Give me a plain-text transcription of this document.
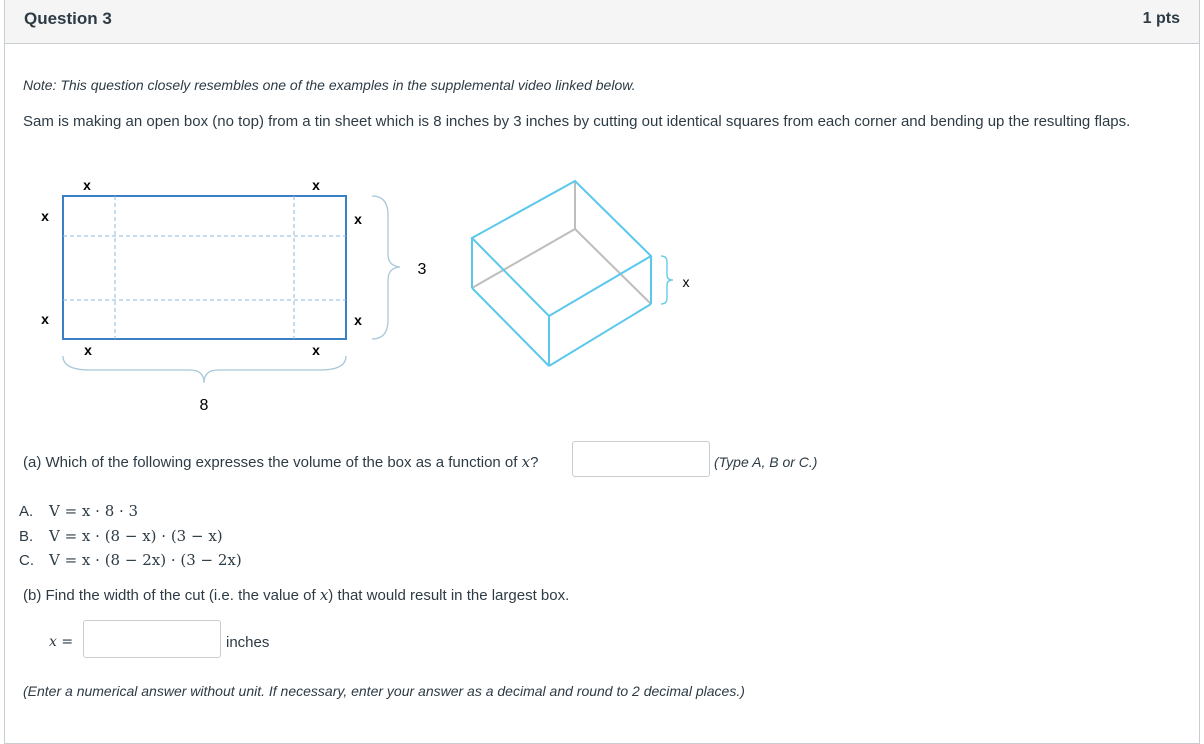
Question 3	1 pts
Note: This question closely resembles one of the examples in the supplemental video linked below.
Sam is making an open box (no top) from a tin sheet which is 8 inches by 3 inches by cutting out identical squares from each corner and bending up the resulting flaps.
x	x
x
x
x
x
x	x
8
3
x
(a) Which of the following expresses the volume of the box as a function of x?	(Type A, B or C.)
A. V = x · 8 · 3
B. V = x · (8 − x) · (3 − x)
C. V = x · (8 − 2x) · (3 − 2x)
(b) Find the width of the cut (i.e. the value of x) that would result in the largest box.
x =	inches
(Enter a numerical answer without unit. If necessary, enter your answer as a decimal and round to 2 decimal places.)
